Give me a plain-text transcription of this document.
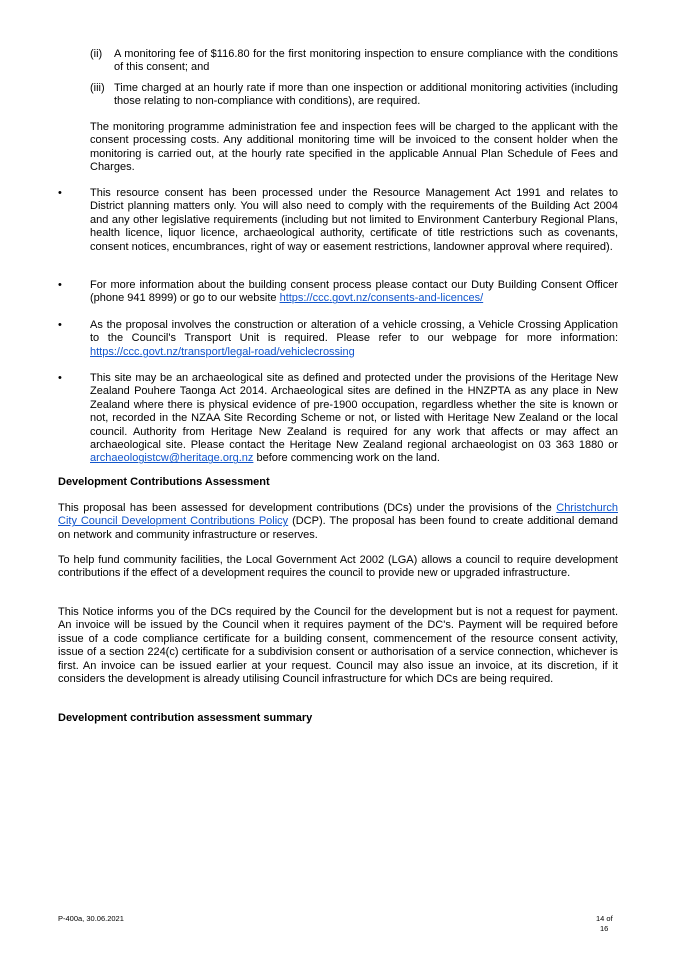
(ii)	A monitoring fee of $116.80 for the first monitoring inspection to ensure compliance with the conditions of this consent; and

(iii) Time charged at an hourly rate if more than one inspection or additional monitoring activities (including those relating to non-compliance with conditions), are required.

The monitoring programme administration fee and inspection fees will be charged to the applicant with the consent processing costs. Any additional monitoring time will be invoiced to the consent holder when the monitoring is carried out, at the hourly rate specified in the applicable Annual Plan Schedule of Fees and Charges.

•	This resource consent has been processed under the Resource Management Act 1991 and relates to District planning matters only. You will also need to comply with the requirements of the Building Act 2004 and any other legislative requirements (including but not limited to Environment Canterbury Regional Plans, health licence, liquor licence, archaeological authority, certificate of title restrictions such as covenants, consent notices, encumbrances, right of way or easement restrictions, landowner approval where required).

•	For more information about the building consent process please contact our Duty Building Consent Officer (phone 941 8999) or go to our website https://ccc.govt.nz/consents-and-licences/

•	As the proposal involves the construction or alteration of a vehicle crossing, a Vehicle Crossing Application to the Council's Transport Unit is required. Please refer to our webpage for more information: https://ccc.govt.nz/transport/legal-road/vehiclecrossing

•	This site may be an archaeological site as defined and protected under the provisions of the Heritage New Zealand Pouhere Taonga Act 2014. Archaeological sites are defined in the HNZPTA as any place in New Zealand where there is physical evidence of pre-1900 occupation, regardless whether the site is known or not, recorded in the NZAA Site Recording Scheme or not, or listed with Heritage New Zealand or the local council. Authority from Heritage New Zealand is required for any work that affects or may affect an archaeological site. Please contact the Heritage New Zealand regional archaeologist on 03 363 1880 or archaeologistcw@heritage.org.nz before commencing work on the land.

Development Contributions Assessment

This proposal has been assessed for development contributions (DCs) under the provisions of the Christchurch City Council Development Contributions Policy (DCP). The proposal has been found to create additional demand on network and community infrastructure or reserves.

To help fund community facilities, the Local Government Act 2002 (LGA) allows a council to require development contributions if the effect of a development requires the council to provide new or upgraded infrastructure.

This Notice informs you of the DCs required by the Council for the development but is not a request for payment. An invoice will be issued by the Council when it requires payment of the DC's. Payment will be required before issue of a code compliance certificate for a building consent, commencement of the resource consent activity, issue of a section 224(c) certificate for a subdivision consent or authorisation of a service connection, whichever is first. An invoice can be issued earlier at your request. Council may also issue an invoice, at its discretion, if it considers the development is already utilising Council infrastructure for which DCs are being required.

Development contribution assessment summary
P-400a, 30.06.2021	14 of
16
